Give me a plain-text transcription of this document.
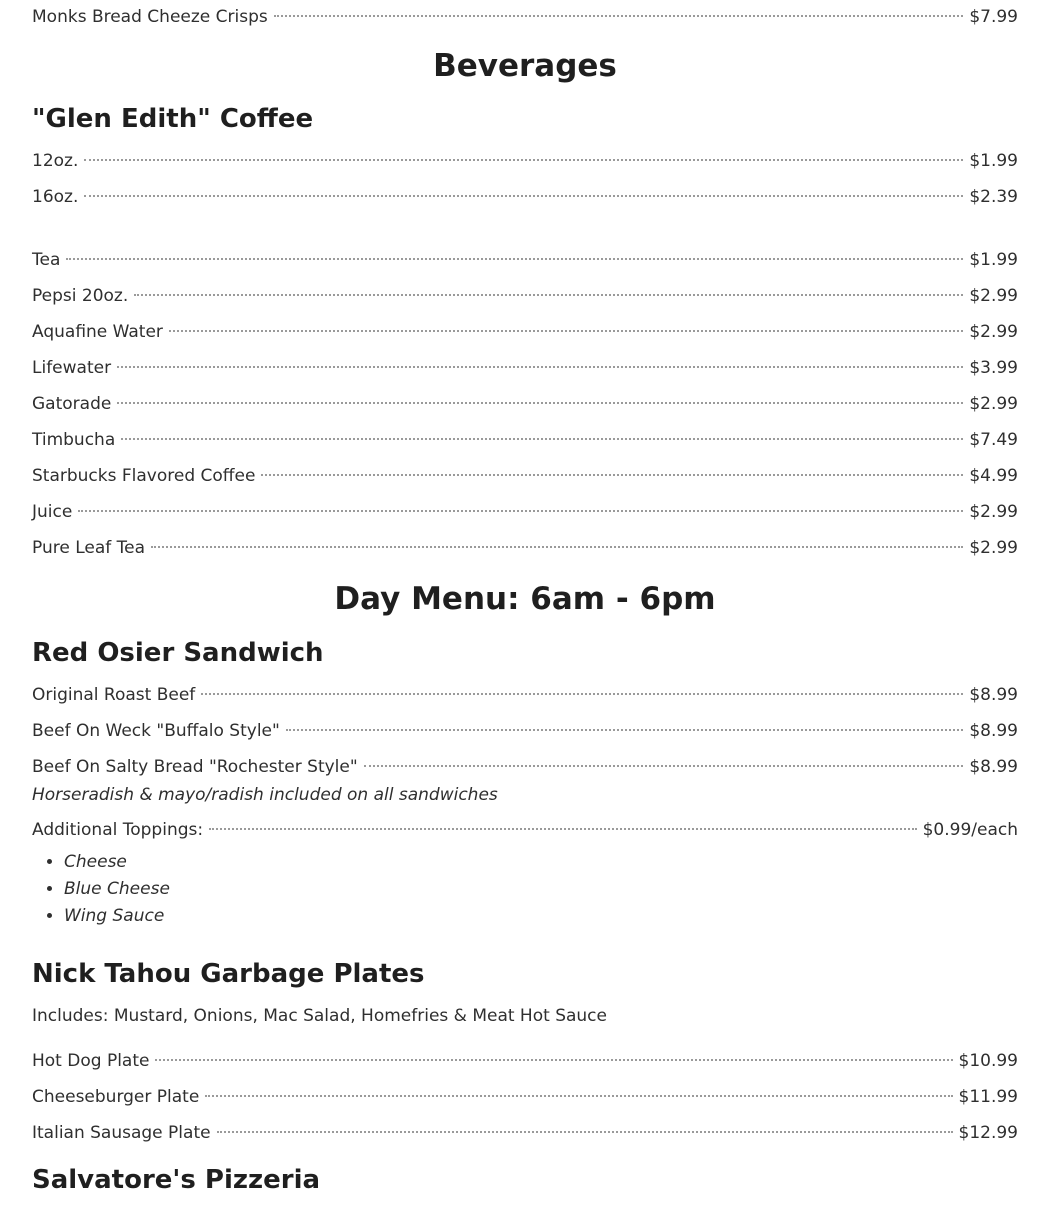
Monks Bread Cheeze Crisps	$7.99
Beverages
"Glen Edith" Coffee
12oz.	$1.99
16oz.	$2.39
Tea	$1.99
Pepsi 20oz.	$2.99
Aquafine Water	$2.99
Lifewater	$3.99
Gatorade	$2.99
Timbucha	$7.49
Starbucks Flavored Coffee	$4.99
Juice	$2.99
Pure Leaf Tea	$2.99
Day Menu: 6am - 6pm
Red Osier Sandwich
Original Roast Beef	$8.99
Beef On Weck "Buffalo Style"	$8.99
Beef On Salty Bread "Rochester Style"	$8.99
Horseradish & mayo/radish included on all sandwiches
Additional Toppings:	$0.99/each
• Cheese
• Blue Cheese
• Wing Sauce
Nick Tahou Garbage Plates
Includes: Mustard, Onions, Mac Salad, Homefries & Meat Hot Sauce
Hot Dog Plate	$10.99
Cheeseburger Plate	$11.99
Italian Sausage Plate	$12.99
Salvatore's Pizzeria
